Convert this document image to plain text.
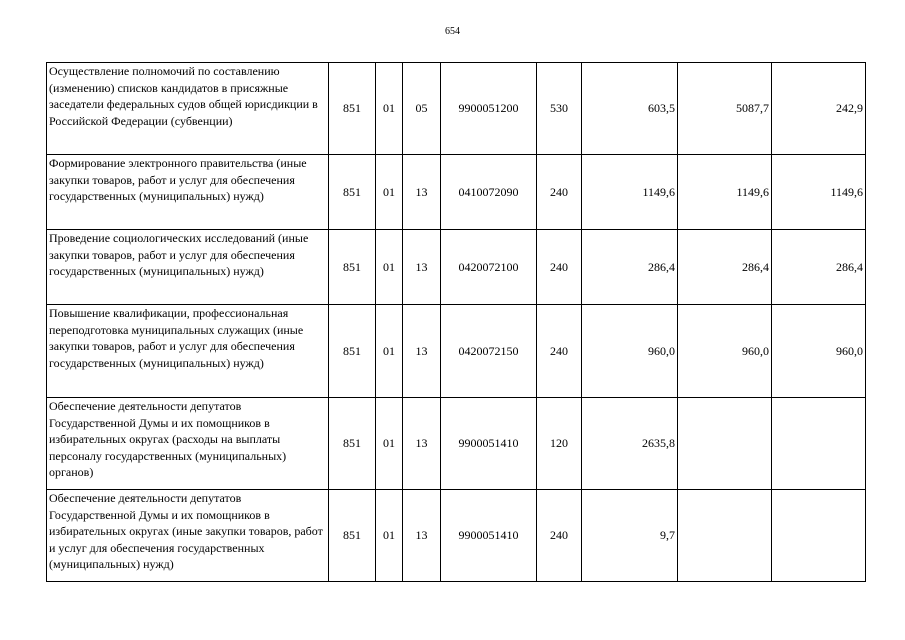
654
Осуществление полномочий по составлению (изменению) списков кандидатов в присяжные заседатели федеральных судов общей юрисдикции в Российской Федерации (субвенции)	851	01	05	9900051200	530	603,5	5087,7	242,9
Формирование электронного правительства (иные закупки товаров, работ и услуг для обеспечения государственных (муниципальных) нужд)	851	01	13	0410072090	240	1149,6	1149,6	1149,6
Проведение социологических исследований (иные закупки товаров, работ и услуг для обеспечения государственных (муниципальных) нужд)	851	01	13	0420072100	240	286,4	286,4	286,4
Повышение квалификации, профессиональная переподготовка муниципальных служащих (иные закупки товаров, работ и услуг для обеспечения государственных (муниципальных) нужд)	851	01	13	0420072150	240	960,0	960,0	960,0
Обеспечение деятельности депутатов Государственной Думы и их помощников в избирательных округах (расходы на выплаты персоналу государственных (муниципальных) органов)	851	01	13	9900051410	120	2635,8		
Обеспечение деятельности депутатов Государственной Думы и их помощников в избирательных округах (иные закупки товаров, работ и услуг для обеспечения государственных (муниципальных) нужд)	851	01	13	9900051410	240	9,7		
